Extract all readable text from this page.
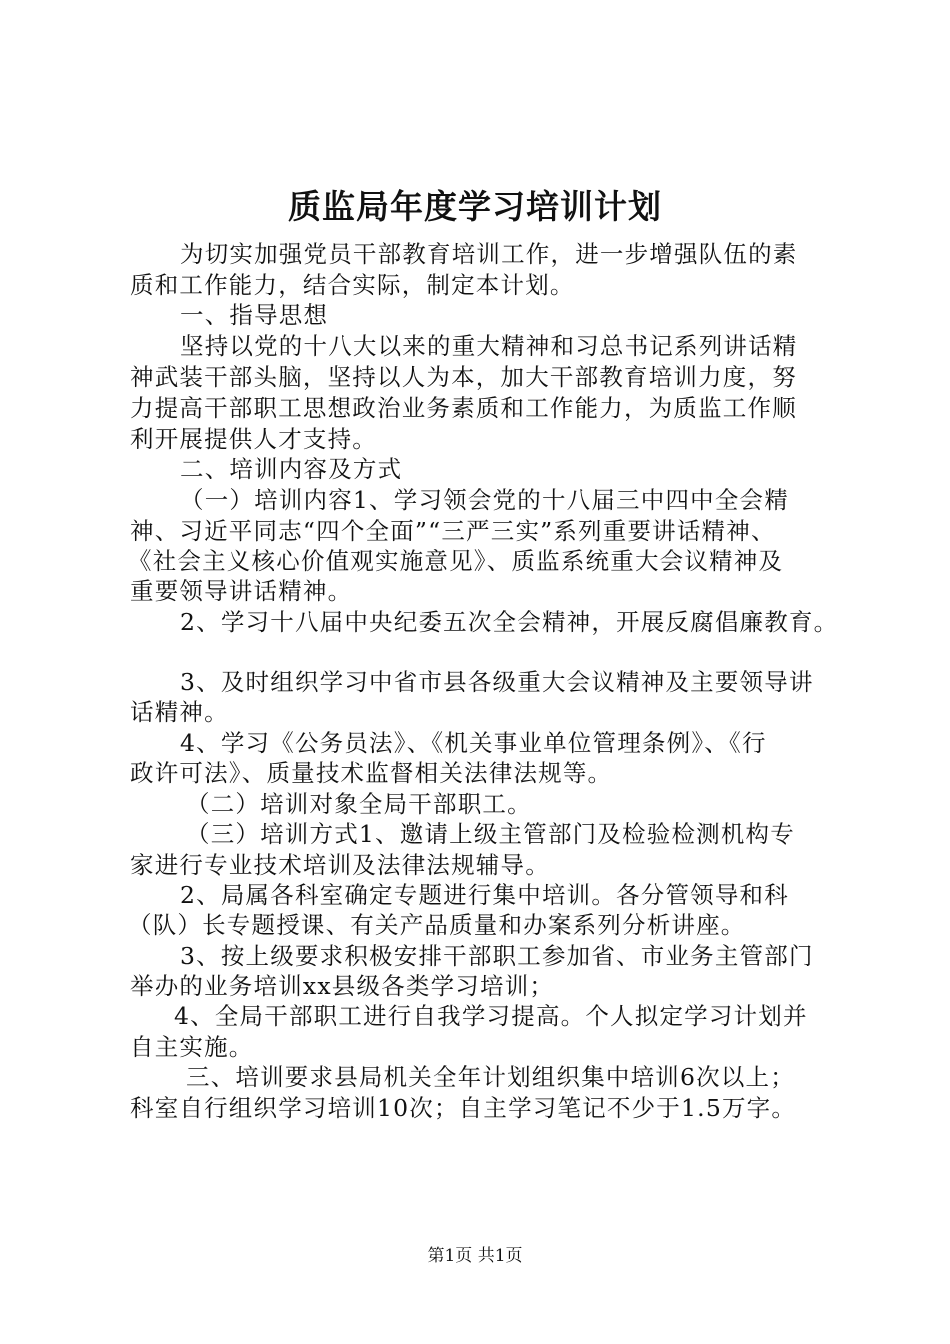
质监局年度学习培训计划
为切实加强党员干部教育培训工作，进一步增强队伍的素
质和工作能力，结合实际，制定本计划。
一、指导思想
坚持以党的十八大以来的重大精神和习总书记系列讲话精
神武装干部头脑，坚持以人为本，加大干部教育培训力度，努
力提高干部职工思想政治业务素质和工作能力，为质监工作顺
利开展提供人才支持。
二、培训内容及方式
（一）培训内容1、学习领会党的十八届三中四中全会精
神、习近平同志“四个全面”“三严三实”系列重要讲话精神、
《社会主义核心价值观实施意见》、质监系统重大会议精神及
重要领导讲话精神。
2、学习十八届中央纪委五次全会精神，开展反腐倡廉教育。
3、及时组织学习中省市县各级重大会议精神及主要领导讲
话精神。
4、学习《公务员法》、《机关事业单位管理条例》、《行
政许可法》、质量技术监督相关法律法规等。
（二）培训对象全局干部职工。
（三）培训方式1、邀请上级主管部门及检验检测机构专
家进行专业技术培训及法律法规辅导。
2、局属各科室确定专题进行集中培训。各分管领导和科
（队）长专题授课、有关产品质量和办案系列分析讲座。
3、按上级要求积极安排干部职工参加省、市业务主管部门
举办的业务培训xx县级各类学习培训；
4、全局干部职工进行自我学习提高。个人拟定学习计划并
自主实施。
三、培训要求县局机关全年计划组织集中培训6次以上；
科室自行组织学习培训10次；自主学习笔记不少于1.5万字。
第1页 共1页
